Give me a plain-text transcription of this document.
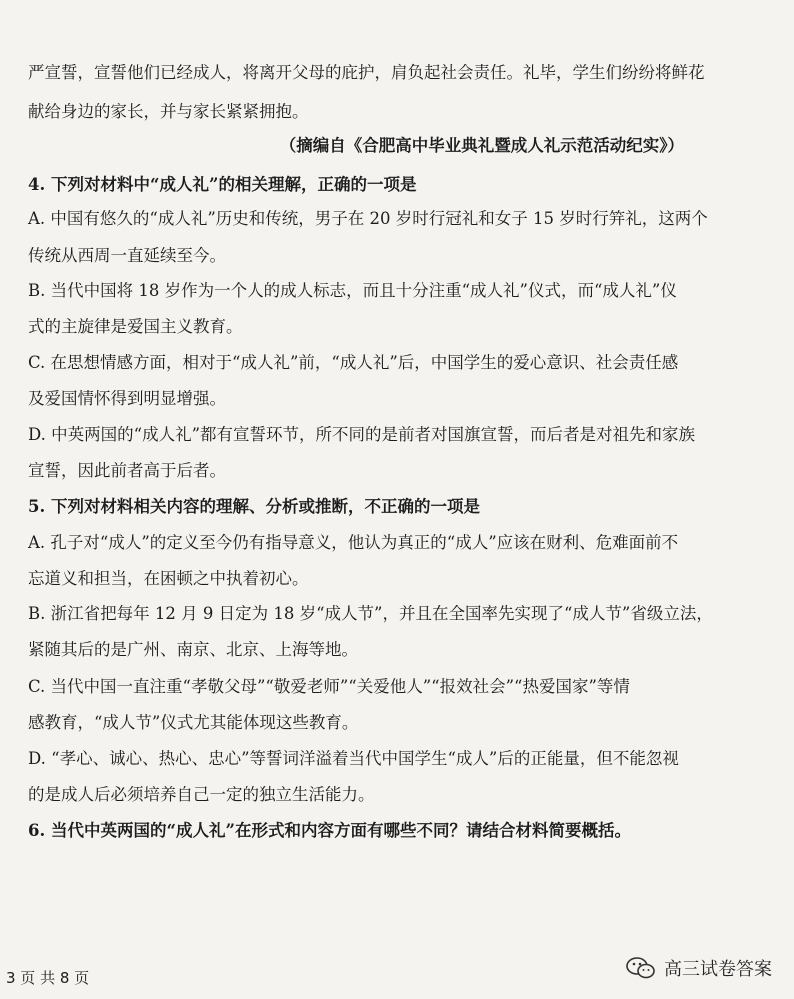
严宣誓，宣誓他们已经成人，将离开父母的庇护，肩负起社会责任。礼毕，学生们纷纷将鲜花
献给身边的家长，并与家长紧紧拥抱。
（摘编自《合肥高中毕业典礼暨成人礼示范活动纪实》）
4. 下列对材料中“成人礼”的相关理解，正确的一项是
A. 中国有悠久的“成人礼”历史和传统，男子在 20 岁时行冠礼和女子 15 岁时行笄礼，这两个
传统从西周一直延续至今。
B. 当代中国将 18 岁作为一个人的成人标志，而且十分注重“成人礼”仪式，而“成人礼”仪
式的主旋律是爱国主义教育。
C. 在思想情感方面，相对于“成人礼”前，“成人礼”后，中国学生的爱心意识、社会责任感
及爱国情怀得到明显增强。
D. 中英两国的“成人礼”都有宣誓环节，所不同的是前者对国旗宣誓，而后者是对祖先和家族
宣誓，因此前者高于后者。
5. 下列对材料相关内容的理解、分析或推断，不正确的一项是
A. 孔子对“成人”的定义至今仍有指导意义，他认为真正的“成人”应该在财利、危难面前不
忘道义和担当，在困顿之中执着初心。
B. 浙江省把每年 12 月 9 日定为 18 岁“成人节”，并且在全国率先实现了“成人节”省级立法，
紧随其后的是广州、南京、北京、上海等地。
C. 当代中国一直注重“孝敬父母”“敬爱老师”“关爱他人”“报效社会”“热爱国家”等情
感教育，“成人节”仪式尤其能体现这些教育。
D. “孝心、诚心、热心、忠心”等誓词洋溢着当代中国学生“成人”后的正能量，但不能忽视
的是成人后必须培养自己一定的独立生活能力。
6. 当代中英两国的“成人礼”在形式和内容方面有哪些不同？请结合材料简要概括。
3 页 共 8 页	高三试卷答案
